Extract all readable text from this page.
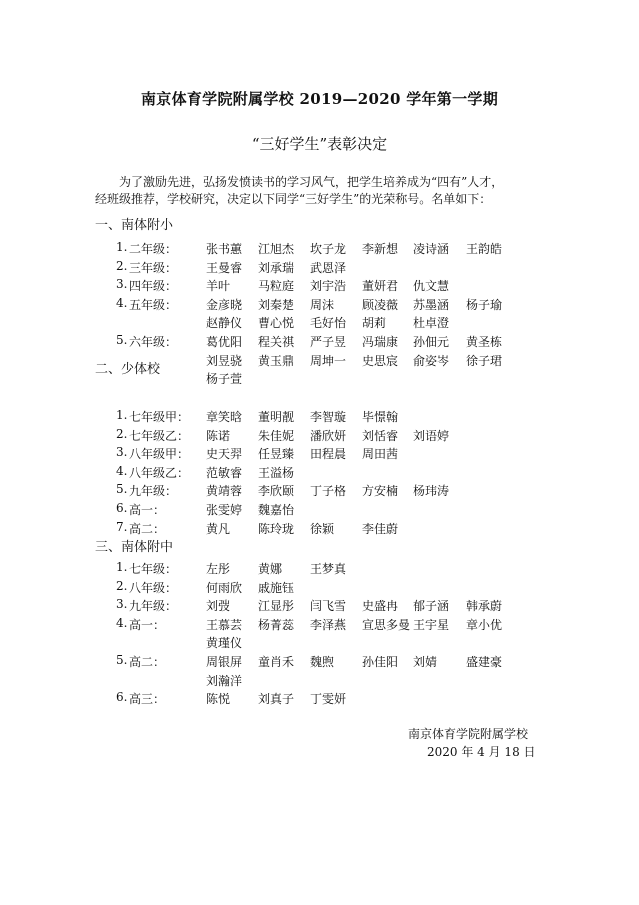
南京体育学院附属学校 2019—2020 学年第一学期
“三好学生”表彰决定
为了激励先进，弘扬发愤读书的学习风气，把学生培养成为“四有”人才，
经班级推荐，学校研究，决定以下同学“三好学生”的光荣称号。名单如下：
一、南体附小
1. 二年级： 张书蕙 江旭杰 坎子龙 李新想 凌诗涵 王韵皓
2. 三年级： 王曼睿 刘承瑞 武恩泽
3. 四年级： 羊叶 马粒庭 刘宇浩 董妍君 仇文慧
4. 五年级： 金彦晓 刘秦楚 周沫 顾凌薇 苏墨涵 杨子瑜
赵静仪 曹心悦 毛好怡 胡莉 杜卓澄
5. 六年级： 葛优阳 程关祺 严子昱 冯瑞康 孙佃元 黄圣栋
刘昱骁 黄玉鼎 周坤一 史思宸 俞姿岑 徐子珺
杨子萱
二、少体校
1. 七年级甲： 章笑晗 董明靓 李智璇 毕憬翰
2. 七年级乙： 陈诺 朱佳妮 潘欣妍 刘恬睿 刘语婷
3. 八年级甲： 史天羿 任昱臻 田程晨 周田茜
4. 八年级乙： 范敏睿 王溢杨
5. 九年级： 黄靖蓉 李欣颐 丁子格 方安楠 杨玮涛
6. 高一：	张雯婷 魏嘉怡
7. 高二：	黄凡 陈玲珑 徐颖 李佳蔚
三、南体附中
1. 七年级： 左彤 黄娜 王梦真
2. 八年级： 何雨欣 戚施钰
3. 九年级： 刘弢 江显彤 闫飞雪 史盛冉 郁子涵 韩承蔚
4. 高一：	王慕芸 杨菁蕊 李泽燕 宣思多曼 王宇星 章小优
黄瑾仪
5. 高二：	周银屏 童肖禾 魏煦 孙佳阳 刘婧 盛建豪
刘瀚洋
6. 高三：	陈悦 刘真子 丁雯妍
南京体育学院附属学校
2020 年 4 月 18 日
